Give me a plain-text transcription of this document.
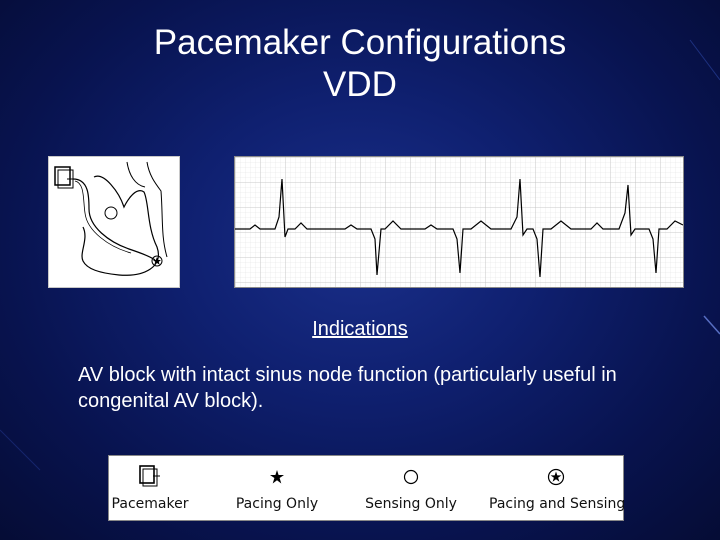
Pacemaker Configurations
VDD
Indications
AV block with intact sinus node function (particularly useful in congenital AV block).
Pacemaker	Pacing Only	Sensing Only	Pacing and Sensing
